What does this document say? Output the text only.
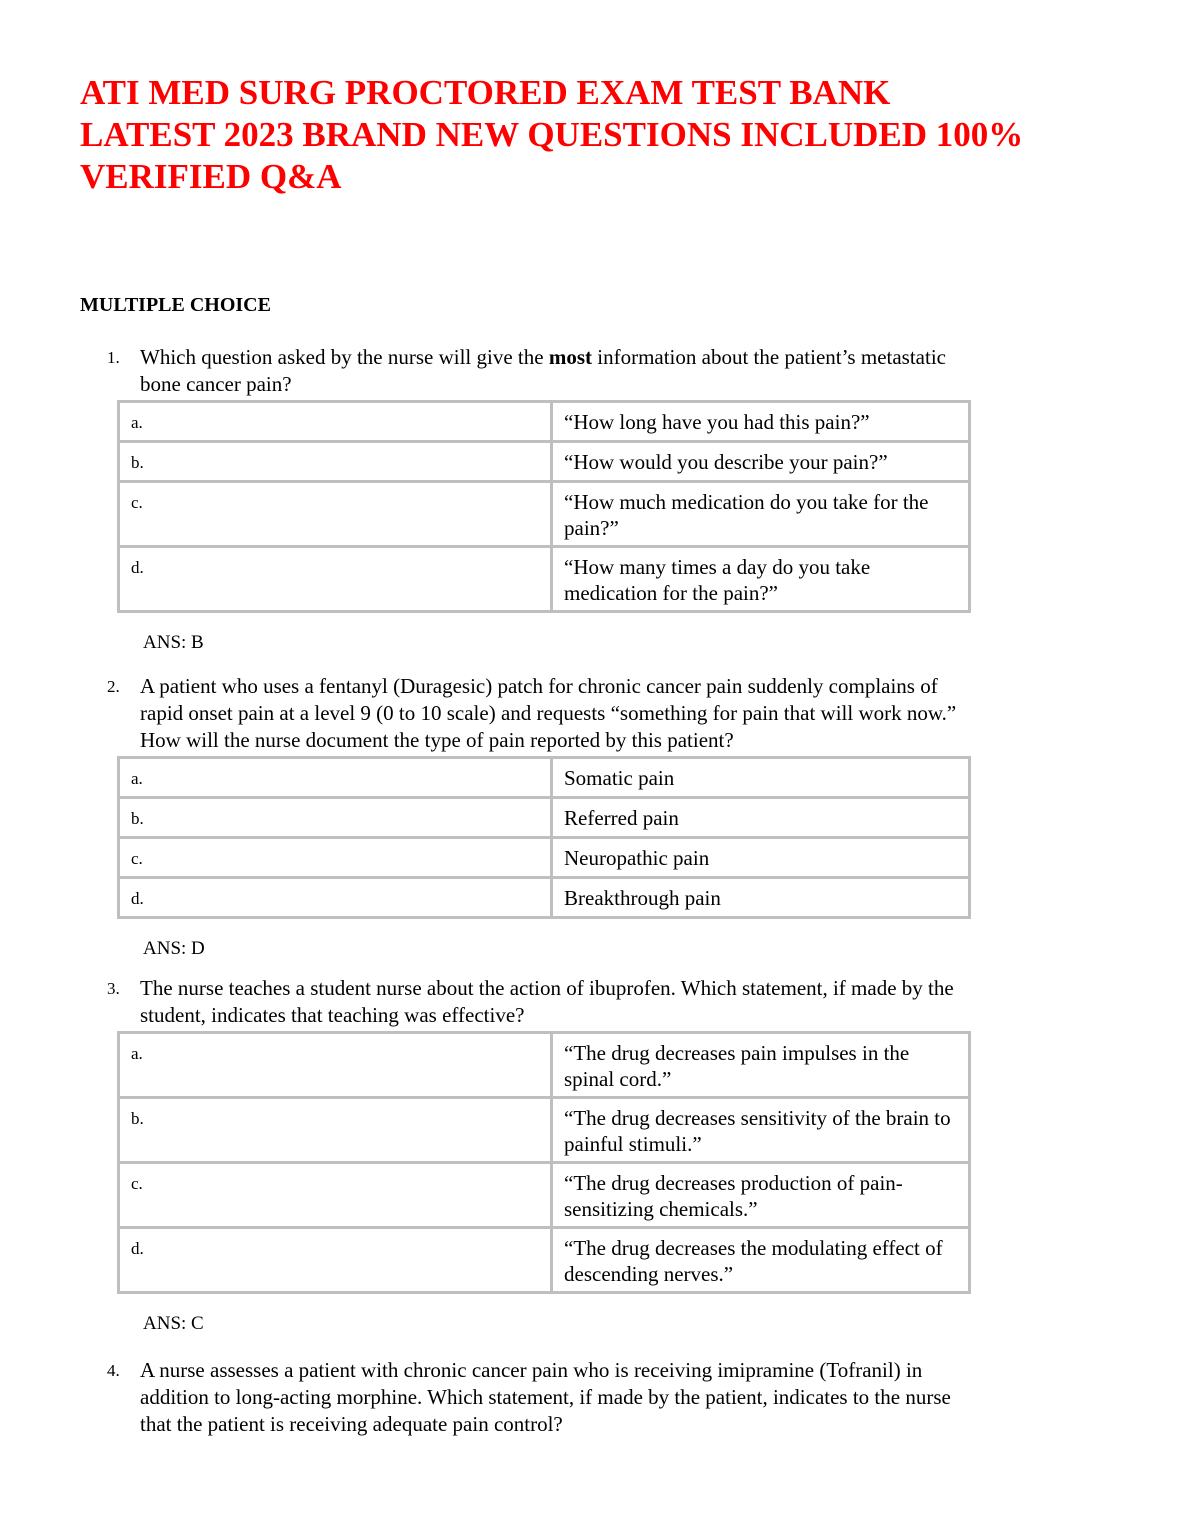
ATI MED SURG PROCTORED EXAM TEST BANK
LATEST 2023 BRAND NEW QUESTIONS INCLUDED 100%
VERIFIED Q&A
MULTIPLE CHOICE
1. Which question asked by the nurse will give the most information about the patient’s metastatic
bone cancer pain?
a.	“How long have you had this pain?”
b.	“How would you describe your pain?”
c.	“How much medication do you take for the pain?”
d.	“How many times a day do you take medication for the pain?”
ANS: B
2. A patient who uses a fentanyl (Duragesic) patch for chronic cancer pain suddenly complains of
rapid onset pain at a level 9 (0 to 10 scale) and requests “something for pain that will work now.”
How will the nurse document the type of pain reported by this patient?
a.	Somatic pain
b.	Referred pain
c.	Neuropathic pain
d.	Breakthrough pain
ANS: D
3. The nurse teaches a student nurse about the action of ibuprofen. Which statement, if made by the
student, indicates that teaching was effective?
a.	“The drug decreases pain impulses in the spinal cord.”
b.	“The drug decreases sensitivity of the brain to painful stimuli.”
c.	“The drug decreases production of pain-sensitizing chemicals.”
d.	“The drug decreases the modulating effect of descending nerves.”
ANS: C
4. A nurse assesses a patient with chronic cancer pain who is receiving imipramine (Tofranil) in
addition to long-acting morphine. Which statement, if made by the patient, indicates to the nurse
that the patient is receiving adequate pain control?
